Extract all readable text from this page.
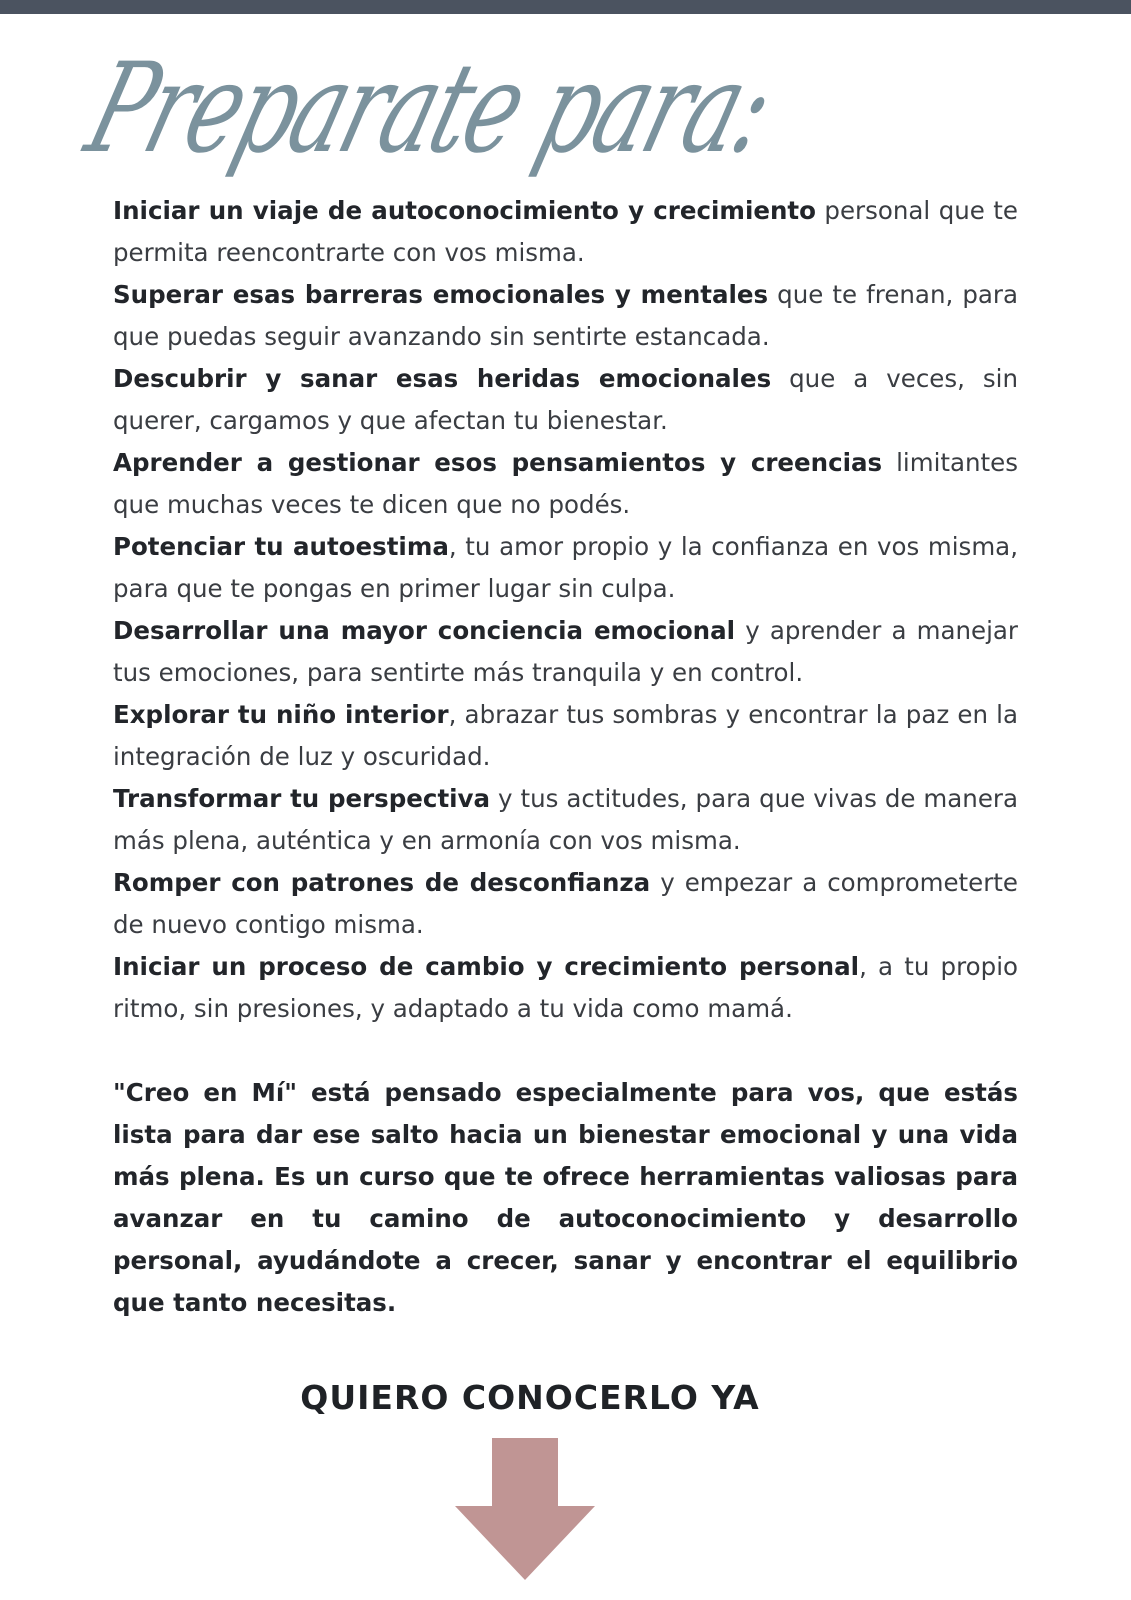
Preparate para:

Iniciar un viaje de autoconocimiento y crecimiento personal que te permita reencontrarte con vos misma.

Superar esas barreras emocionales y mentales que te frenan, para que puedas seguir avanzando sin sentirte estancada.

Descubrir y sanar esas heridas emocionales que a veces, sin querer, cargamos y que afectan tu bienestar.

Aprender a gestionar esos pensamientos y creencias limitantes que muchas veces te dicen que no podés.

Potenciar tu autoestima, tu amor propio y la confianza en vos misma, para que te pongas en primer lugar sin culpa.

Desarrollar una mayor conciencia emocional y aprender a manejar tus emociones, para sentirte más tranquila y en control.

Explorar tu niño interior, abrazar tus sombras y encontrar la paz en la integración de luz y oscuridad.

Transformar tu perspectiva y tus actitudes, para que vivas de manera más plena, auténtica y en armonía con vos misma.

Romper con patrones de desconfianza y empezar a comprometerte de nuevo contigo misma.

Iniciar un proceso de cambio y crecimiento personal, a tu propio ritmo, sin presiones, y adaptado a tu vida como mamá.

"Creo en Mí" está pensado especialmente para vos, que estás lista para dar ese salto hacia un bienestar emocional y una vida más plena. Es un curso que te ofrece herramientas valiosas para avanzar en tu camino de autoconocimiento y desarrollo personal, ayudándote a crecer, sanar y encontrar el equilibrio que tanto necesitas.

QUIERO CONOCERLO YA
